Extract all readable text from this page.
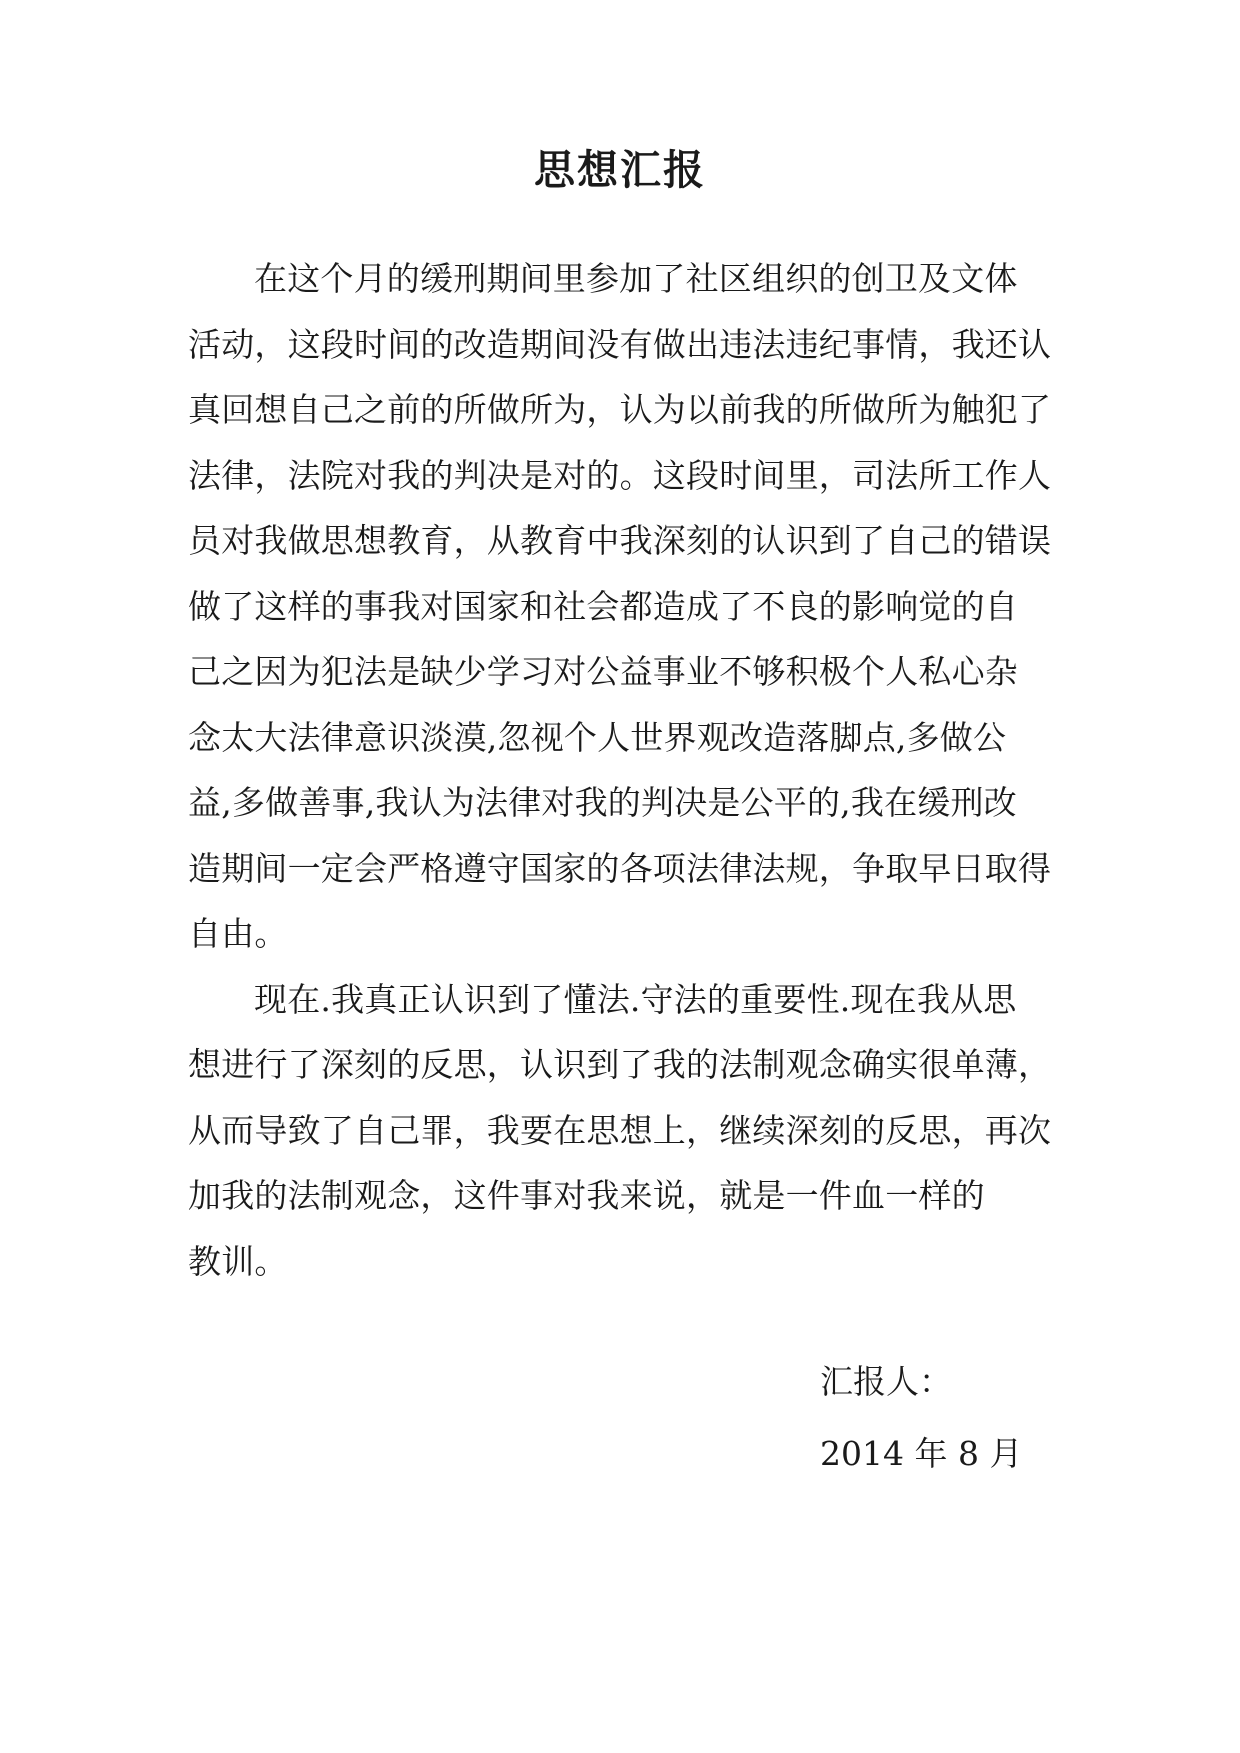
思想汇报
在这个月的缓刑期间里参加了社区组织的创卫及文体
活动，这段时间的改造期间没有做出违法违纪事情，我还认
真回想自己之前的所做所为，认为以前我的所做所为触犯了
法律，法院对我的判决是对的。这段时间里，司法所工作人
员对我做思想教育，从教育中我深刻的认识到了自己的错误
做了这样的事我对国家和社会都造成了不良的影响觉的自
己之因为犯法是缺少学习对公益事业不够积极个人私心杂
念太大法律意识淡漠,忽视个人世界观改造落脚点,多做公
益,多做善事,我认为法律对我的判决是公平的,我在缓刑改
造期间一定会严格遵守国家的各项法律法规，争取早日取得
自由。
现在.我真正认识到了懂法.守法的重要性.现在我从思
想进行了深刻的反思，认识到了我的法制观念确实很单薄，
从而导致了自己罪，我要在思想上，继续深刻的反思，再次
加我的法制观念，这件事对我来说，就是一件血一样的
教训。
汇报人：
2014 年 8 月
